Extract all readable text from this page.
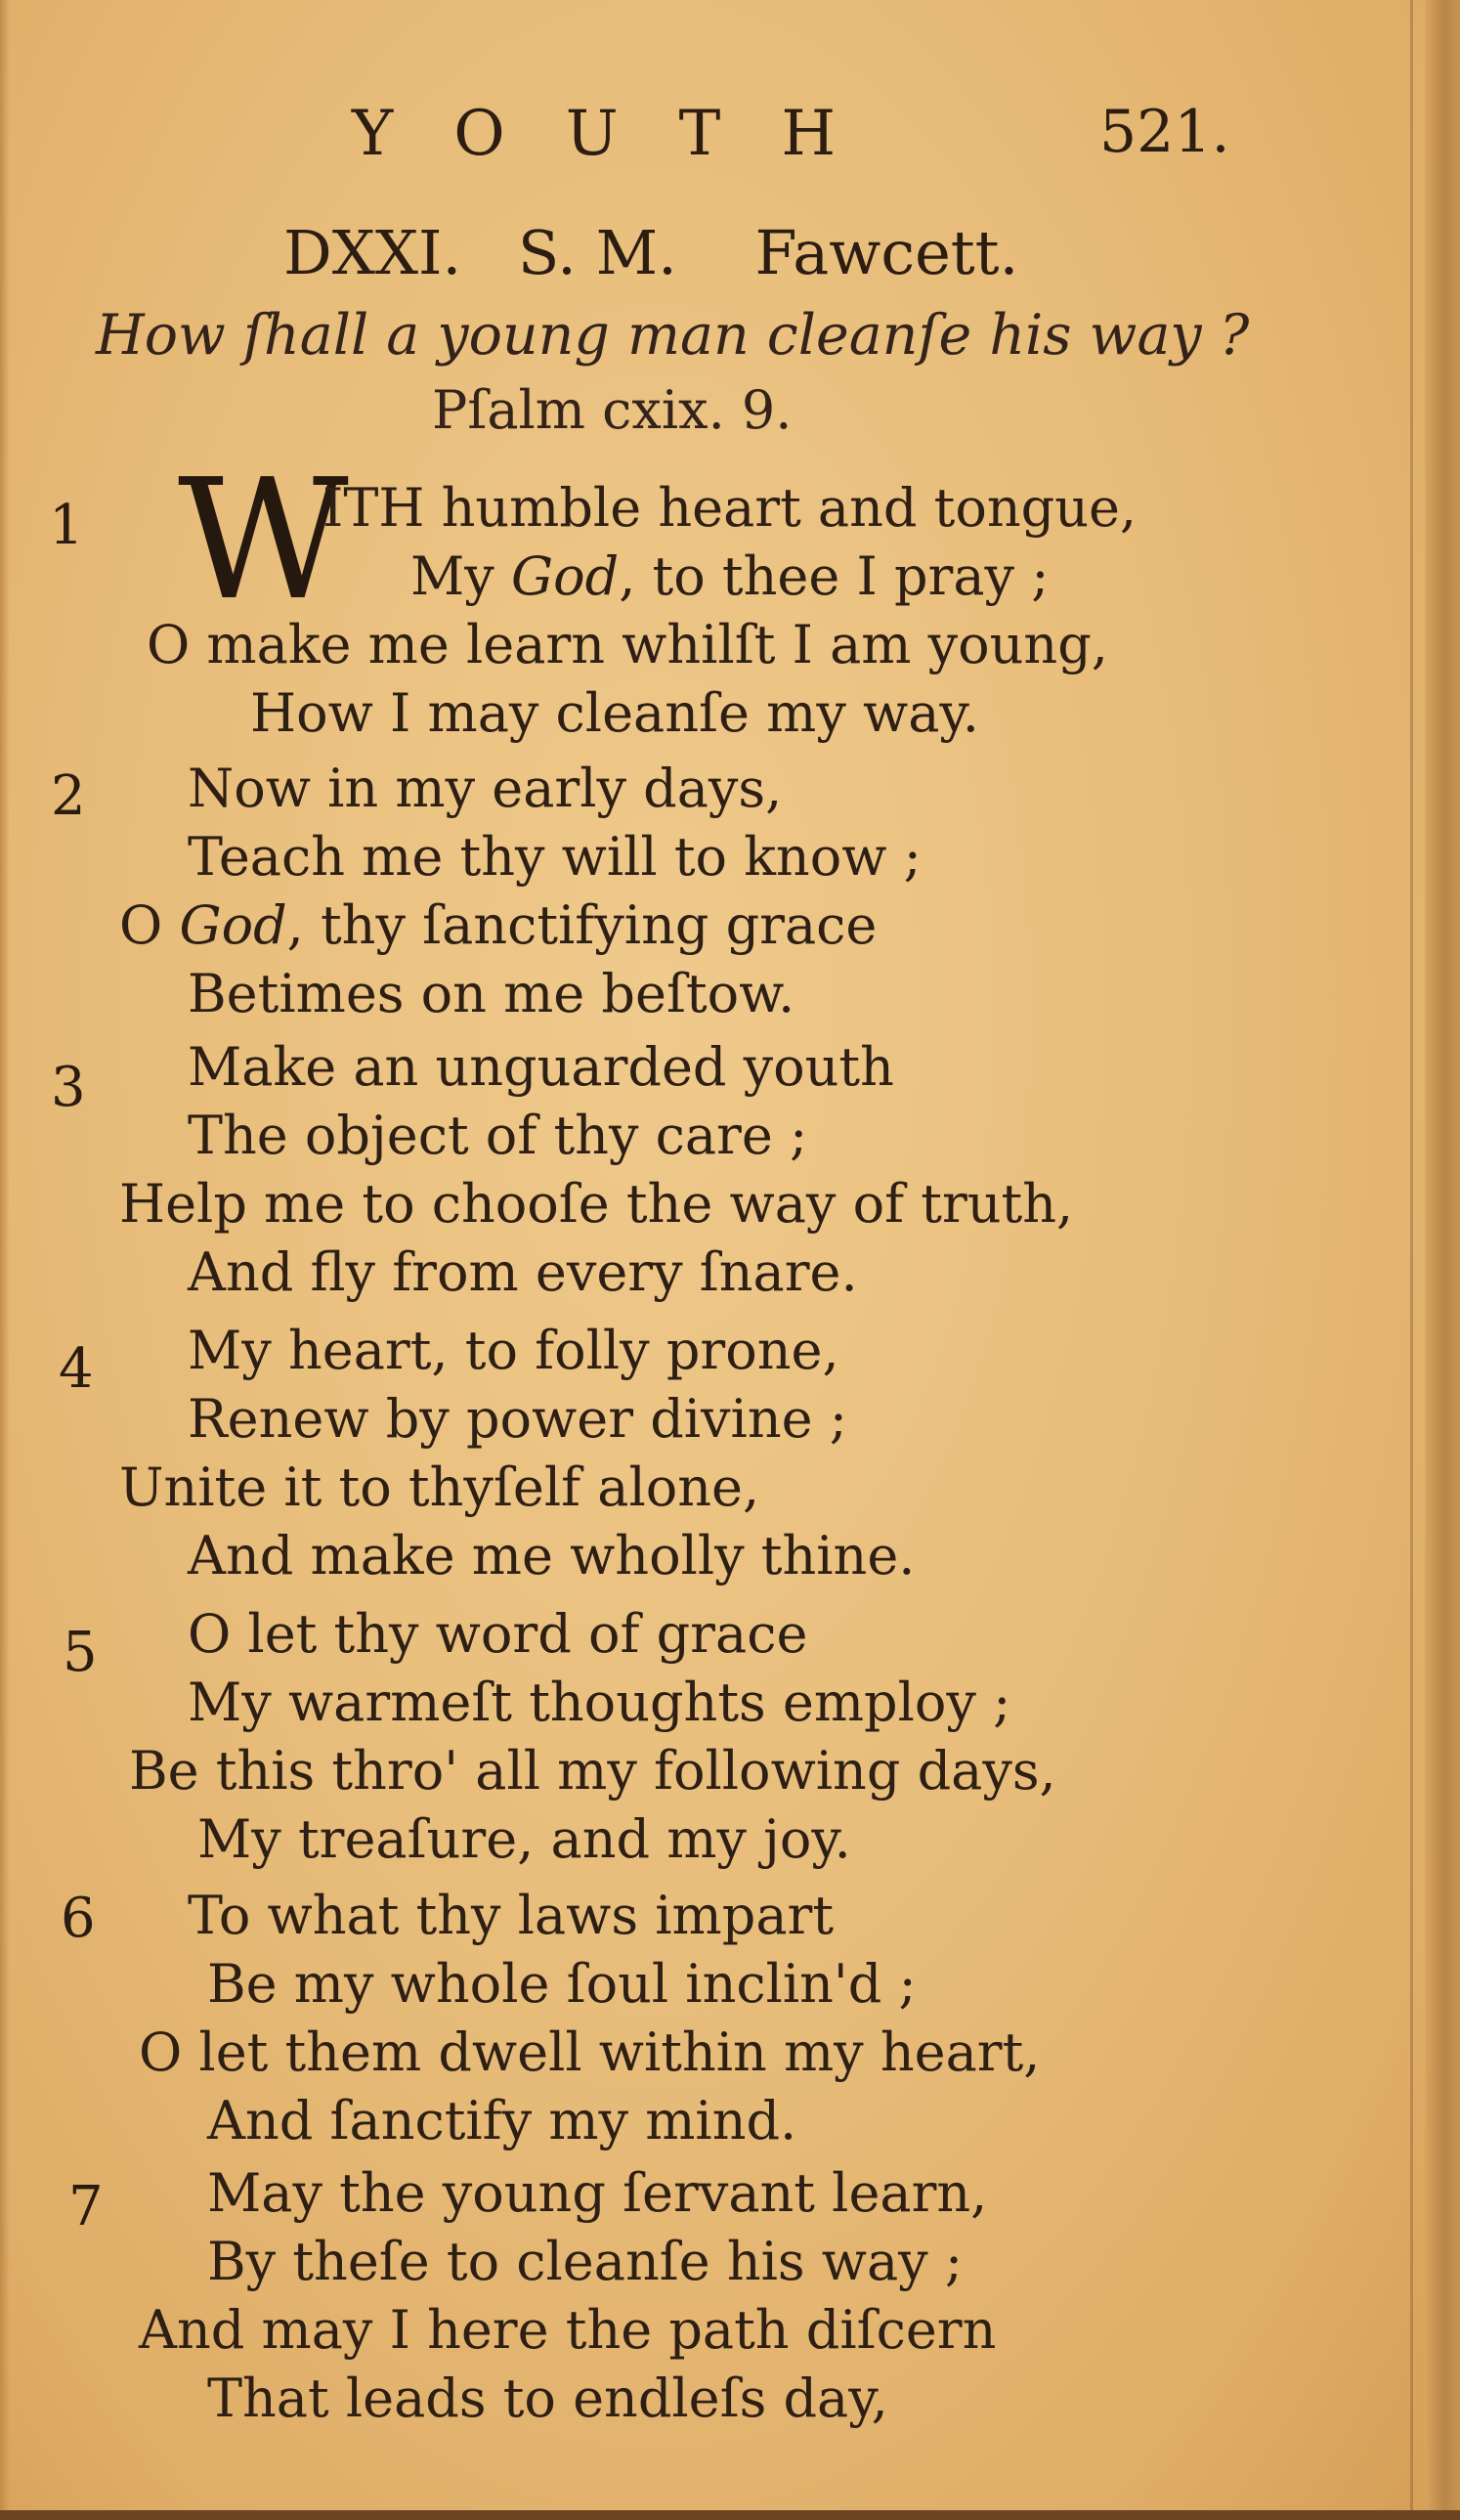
YOUTH	521.
DXXI. S. M. Fawcett.
How ſhall a young man cleanſe his way ?
Pſalm cxix. 9.
W
1	ITH humble heart and tongue,
My God, to thee I pray ;
O make me learn whilſt I am young,
How I may cleanſe my way.
2 Now in my early days,
Teach me thy will to know ;
O God, thy ſanctifying grace
Betimes on me beſtow.
3 Make an unguarded youth
The object of thy care ;
Help me to chooſe the way of truth,
And fly from every ſnare.
4 My heart, to folly prone,
Renew by power divine ;
Unite it to thyſelf alone,
And make me wholly thine.
5 O let thy word of grace
My warmeſt thoughts employ ;
Be this thro' all my following days,
My treaſure, and my joy.
6 To what thy laws impart
Be my whole ſoul inclin'd ;
O let them dwell within my heart,
And ſanctify my mind.
7 May the young ſervant learn,
By theſe to cleanſe his way ;
And may I here the path diſcern
That leads to endleſs day,
